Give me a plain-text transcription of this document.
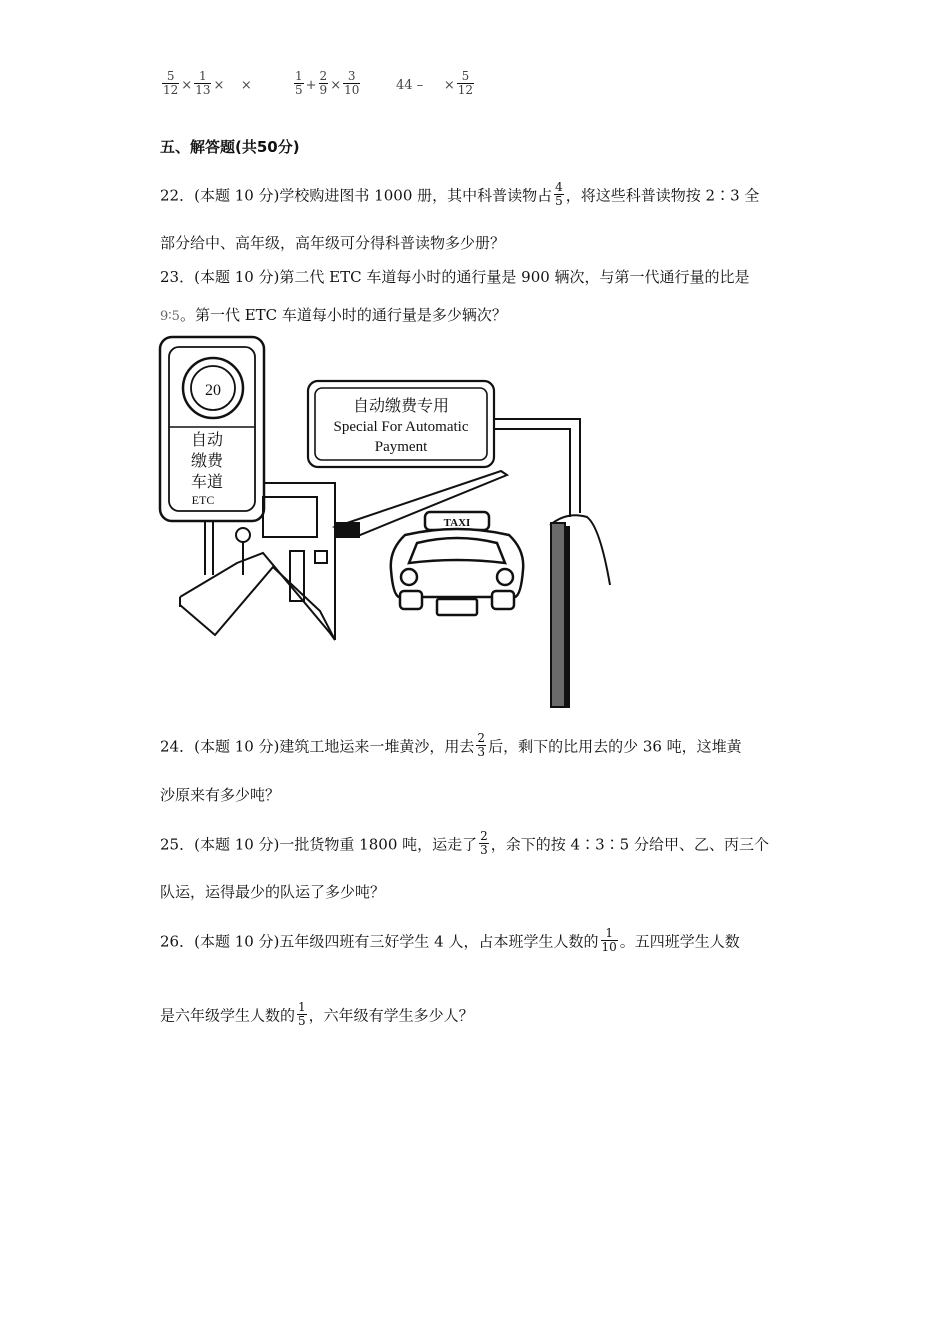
$\frac{5}{12} \times \frac{1}{13}$ × ×	$\frac{1}{5} + \frac{2}{9} \times \frac{3}{10}$	44 – × $\frac{5}{12}$
五、解答题(共50分)
22．(本题 10 分)学校购进图书 1000 册，其中科普读物占 $\frac{4}{5}$ ，将这些科普读物按 2∶3 全
部分给中、高年级，高年级可分得科普读物多少册？
23．(本题 10 分)第二代 ETC 车道每小时的通行量是 900 辆次，与第一代通行量的比是
9∶5。第一代 ETC 车道每小时的通行量是多少辆次？
20
自动
缴费
车道
ETC
TAXI
自动缴费专用
Special For Automatic
Payment
24．(本题 10 分)建筑工地运来一堆黄沙，用去 $\frac{2}{3}$ 后，剩下的比用去的少 36 吨，这堆黄
沙原来有多少吨？
25．(本题 10 分)一批货物重 1800 吨，运走了 $\frac{2}{3}$ ，余下的按 4∶3∶5 分给甲、乙、丙三个
队运，运得最少的队运了多少吨？
26．(本题 10 分)五年级四班有三好学生 4 人，占本班学生人数的 $\frac{1}{10}$ 。五四班学生人数
是六年级学生人数的 $\frac{1}{5}$ ，六年级有学生多少人？
